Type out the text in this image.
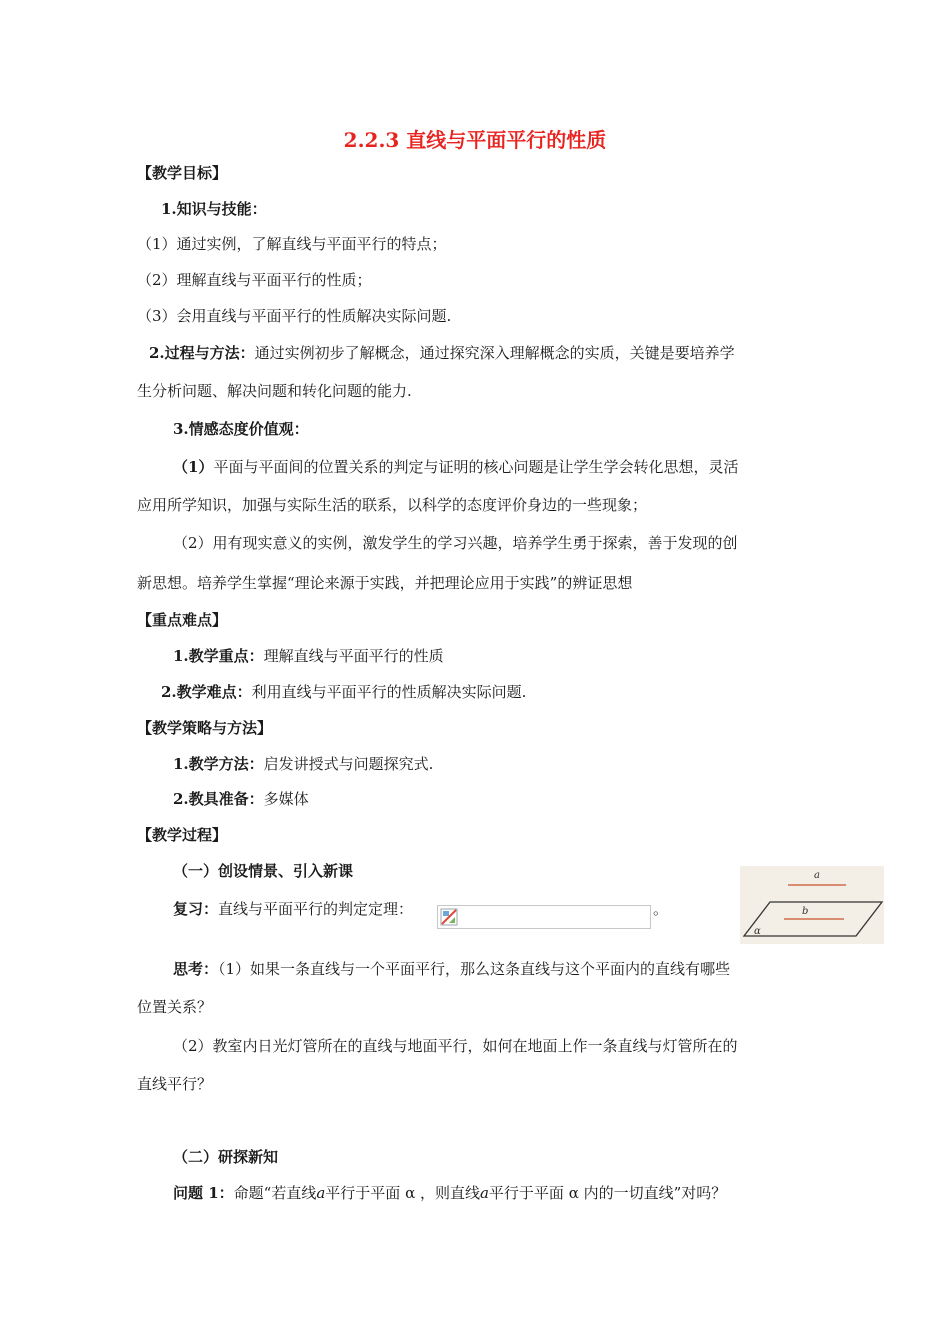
2.2.3 直线与平面平行的性质
【教学目标】
1.知识与技能：
（1）通过实例，了解直线与平面平行的特点；
（2）理解直线与平面平行的性质；
（3）会用直线与平面平行的性质解决实际问题.
2.过程与方法：通过实例初步了解概念，通过探究深入理解概念的实质，关键是要培养学
生分析问题、解决问题和转化问题的能力.
3.情感态度价值观：
（1）平面与平面间的位置关系的判定与证明的核心问题是让学生学会转化思想，灵活
应用所学知识，加强与实际生活的联系，以科学的态度评价身边的一些现象；
（2）用有现实意义的实例，激发学生的学习兴趣，培养学生勇于探索，善于发现的创
新思想。培养学生掌握“理论来源于实践，并把理论应用于实践”的辨证思想
【重点难点】
1.教学重点：理解直线与平面平行的性质
2.教学难点：利用直线与平面平行的性质解决实际问题.
【教学策略与方法】
1.教学方法：启发讲授式与问题探究式.
2.教具准备：多媒体
【教学过程】
（一）创设情景、引入新课
复习：直线与平面平行的判定定理：	。
a
b
α
思考：（1）如果一条直线与一个平面平行，那么这条直线与这个平面内的直线有哪些
位置关系？
（2）教室内日光灯管所在的直线与地面平行，如何在地面上作一条直线与灯管所在的
直线平行？
（二）研探新知
问题 1：命题“若直线a平行于平面 α ，则直线a平行于平面 α 内的一切直线”对吗？
